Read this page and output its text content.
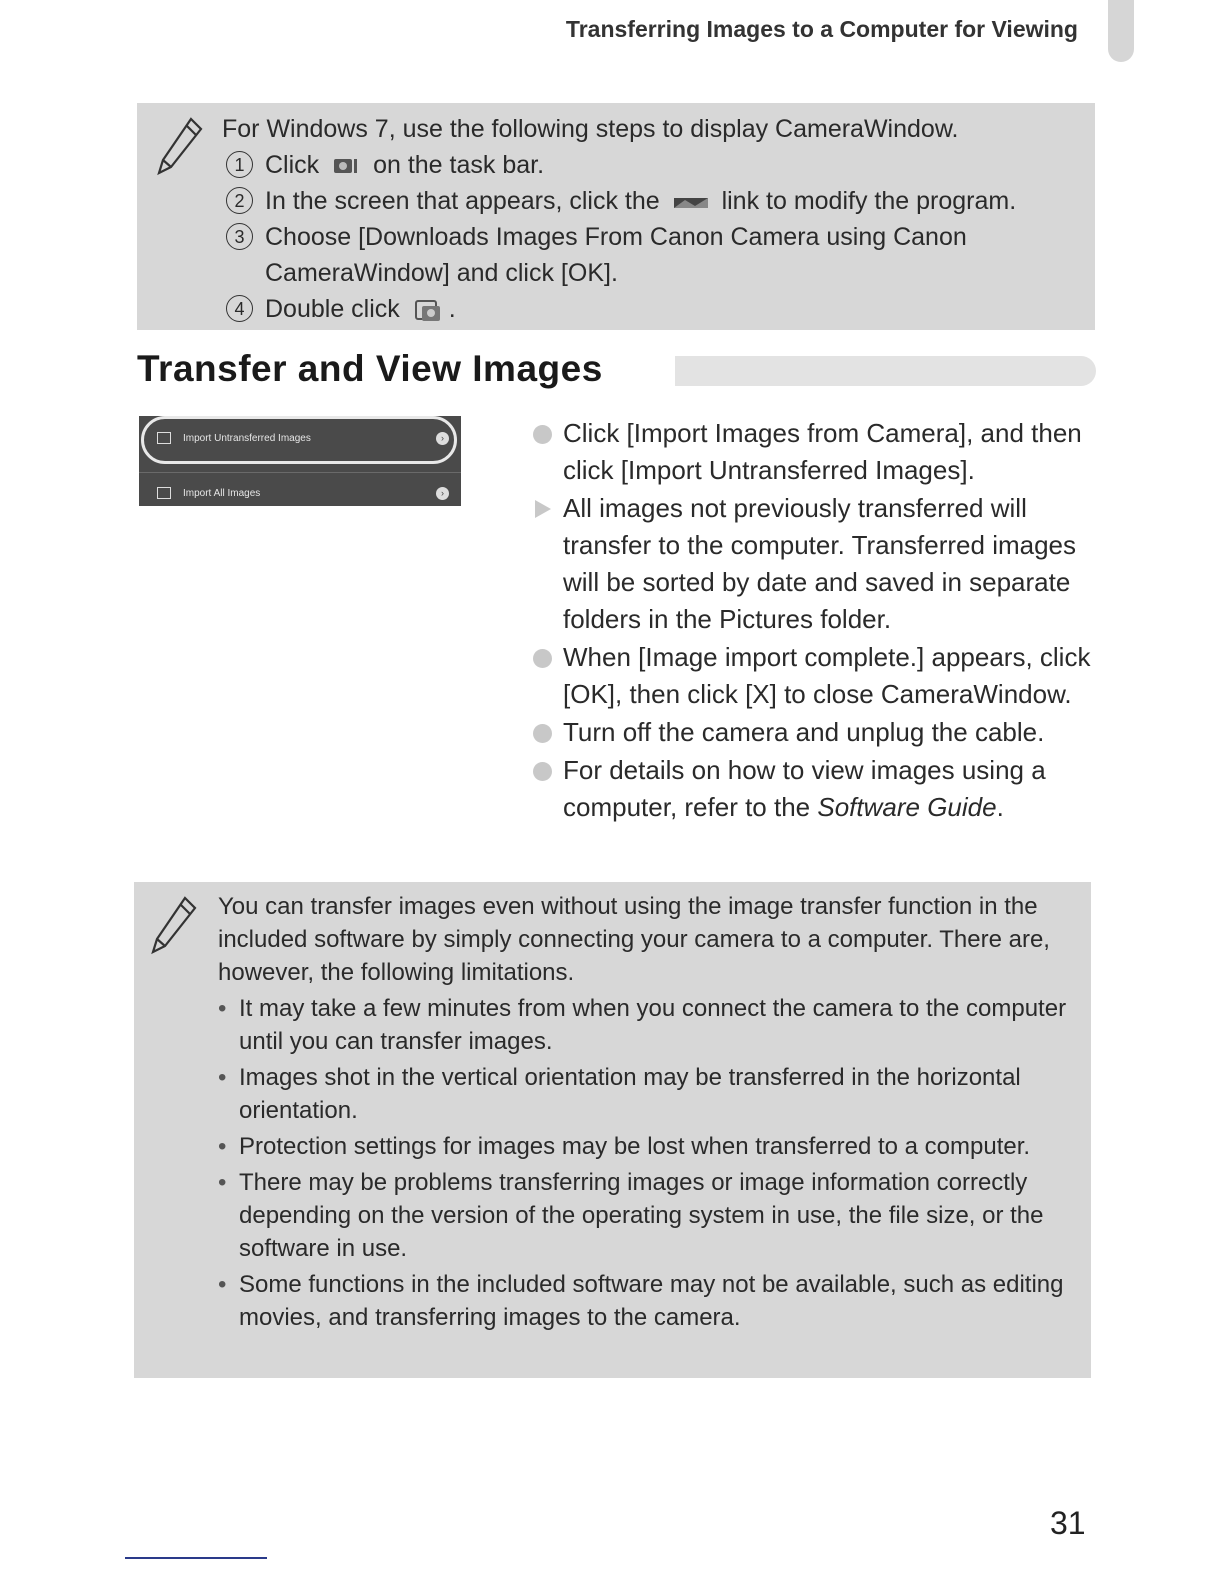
Transferring Images to a Computer for Viewing
For Windows 7, use the following steps to display CameraWindow.
1 Click on the task bar.
2 In the screen that appears, click the link to modify the program.
3 Choose [Downloads Images From Canon Camera using Canon CameraWindow] and click [OK].
4 Double click .
Transfer and View Images
Import Untransferred Images	›
Import All Images	›
Click [Import Images from Camera], and then click [Import Untransferred Images].
All images not previously transferred will transfer to the computer. Transferred images will be sorted by date and saved in separate folders in the Pictures folder.
When [Image import complete.] appears, click [OK], then click [X] to close CameraWindow.
Turn off the camera and unplug the cable.
For details on how to view images using a computer, refer to the Software Guide.
You can transfer images even without using the image transfer function in the included software by simply connecting your camera to a computer. There are, however, the following limitations.
• It may take a few minutes from when you connect the camera to the computer until you can transfer images.
• Images shot in the vertical orientation may be transferred in the horizontal orientation.
• Protection settings for images may be lost when transferred to a computer.
• There may be problems transferring images or image information correctly depending on the version of the operating system in use, the file size, or the software in use.
• Some functions in the included software may not be available, such as editing movies, and transferring images to the camera.
31
